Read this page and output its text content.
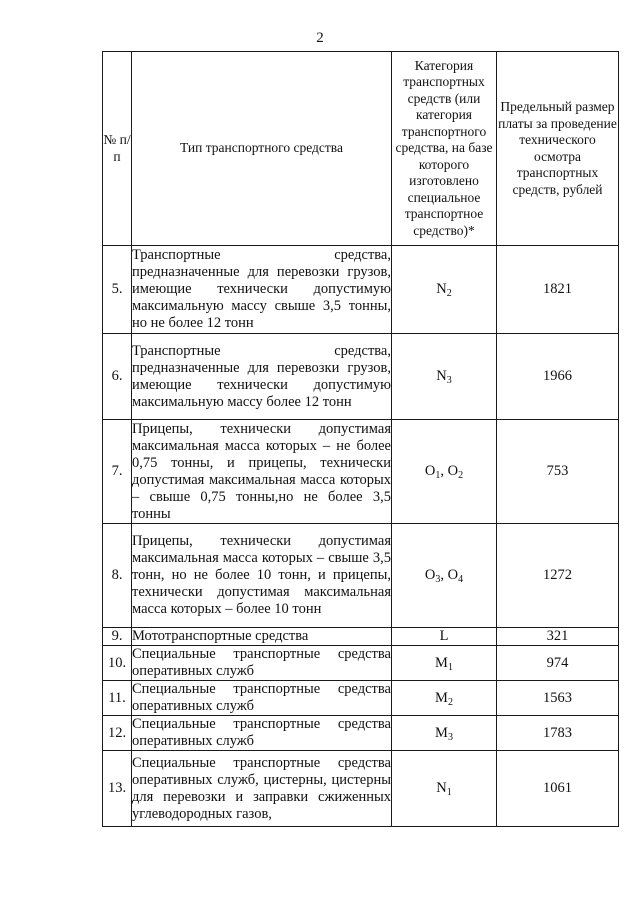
2
№ п/п	Тип транспортного средства	Категория транспортных средств (или категория транспортного средства, на базе которого изготовлено специальное транспортное средство)*	Предельный размер платы за проведение технического осмотра транспортных средств, рублей
5.	Транспортные средства, предназначенные для перевозки грузов, имеющие технически допустимую максимальную массу свыше 3,5 тонны, но не более 12 тонн	$N_2$	1821
6.	Транспортные средства, предназначенные для перевозки грузов, имеющие технически допустимую максимальную массу более 12 тонн	$N_3$	1966
7.	Прицепы, технически допустимая максимальная масса которых – не более 0,75 тонны, и прицепы, технически допустимая максимальная масса которых – свыше 0,75 тонны,но не более 3,5 тонны	$O_1$, $O_2$	753
8.	Прицепы, технически допустимая максимальная масса которых – свыше 3,5 тонн, но не более 10 тонн, и прицепы, технически допустимая максимальная масса которых – более 10 тонн	$O_3$, $O_4$	1272
9.	Мототранспортные средства	L	321
10.	Специальные транспортные средства оперативных служб	$M_1$	974
11.	Специальные транспортные средства оперативных служб	$M_2$	1563
12.	Специальные транспортные средства оперативных служб	$M_3$	1783
13.	Специальные транспортные средства оперативных служб, цистерны, цистерны для перевозки и заправки сжиженных углеводородных газов,	$N_1$	1061
